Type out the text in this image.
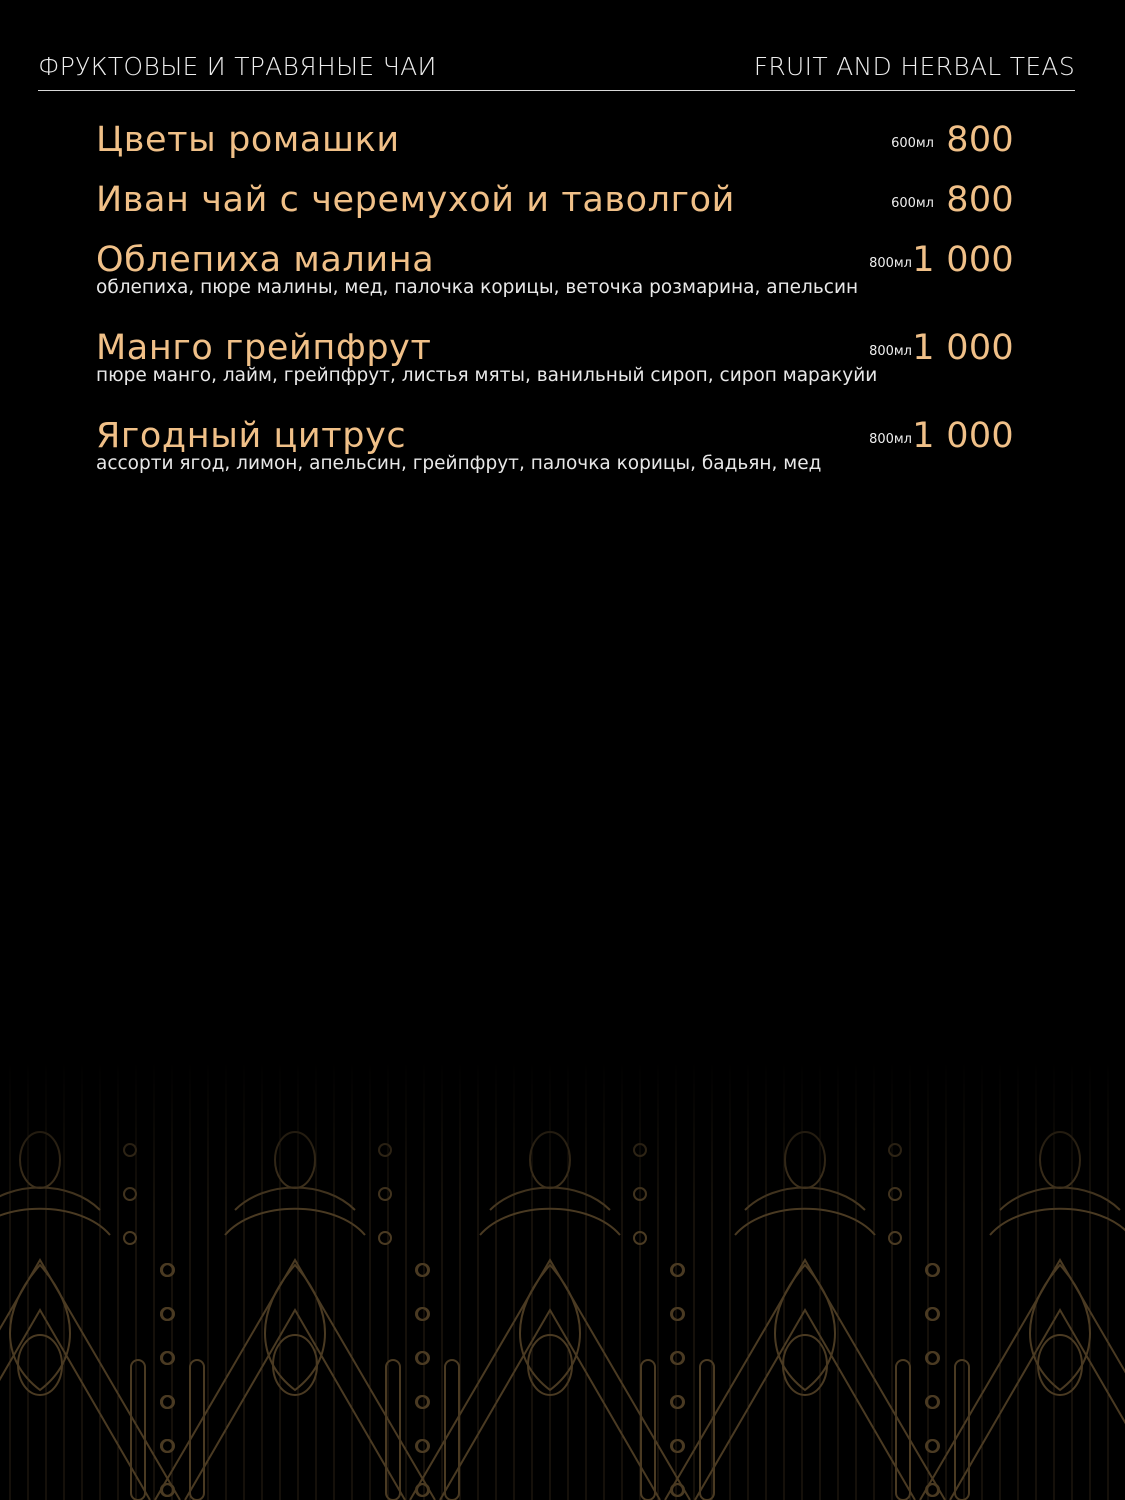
ФРУКТОВЫЕ И ТРАВЯНЫЕ ЧАИ	FRUIT AND HERBAL TEAS
Цветы ромашки	600мл 800
Иван чай с черемухой и таволгой	600мл 800
Облепиха малина	800мл 1 000
облепиха, пюре малины, мед, палочка корицы, веточка розмарина, апельсин
Манго грейпфрут	800мл 1 000
пюре манго, лайм, грейпфрут, листья мяты, ванильный сироп, сироп маракуйи
Ягодный цитрус	800мл 1 000
ассорти ягод, лимон, апельсин, грейпфрут, палочка корицы, бадьян, мед
